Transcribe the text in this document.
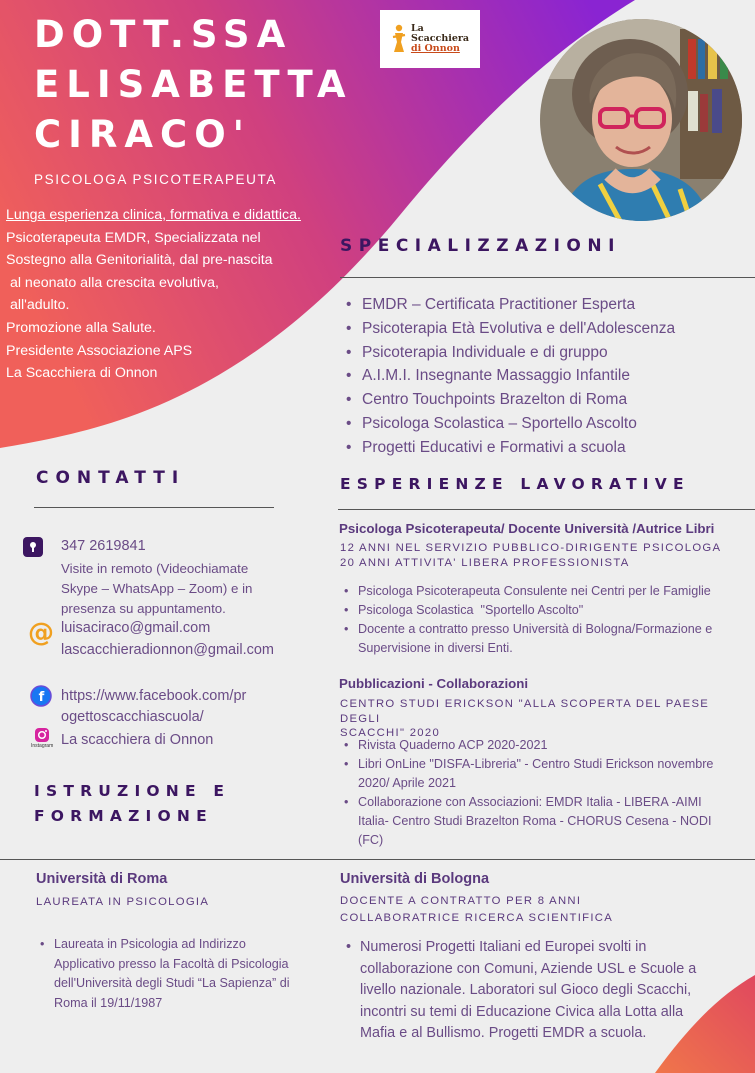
DOTT.SSA
ELISABETTA
CIRACO'
PSICOLOGA PSICOTERAPEUTA
Lunga esperienza clinica, formativa e didattica.
Psicoterapeuta EMDR, Specializzata nel
Sostegno alla Genitorialità, dal pre-nascita
al neonato alla crescita evolutiva,
all'adulto.
Promozione alla Salute.
Presidente Associazione APS
La Scacchiera di Onnon
La
Scacchiera
di Onnon
SPECIALIZZAZIONI
• EMDR – Certificata Practitioner Esperta
• Psicoterapia Età Evolutiva e dell'Adolescenza
• Psicoterapia Individuale e di gruppo
• A.I.M.I. Insegnante Massaggio Infantile
• Centro Touchpoints Brazelton di Roma
• Psicologa Scolastica – Sportello Ascolto
• Progetti Educativi e Formativi a scuola
CONTATTI
347 2619841
Visite in remoto (Videochiamate
Skype – WhatsApp – Zoom) e in
presenza su appuntamento.
@ luisaciraco@gmail.com
lascacchieradionnon@gmail.com
f https://www.facebook.com/pr
ogettoscacchiascuola/
Instagram La scacchiera di Onnon
ISTRUZIONE E
FORMAZIONE
ESPERIENZE LAVORATIVE
Psicologa Psicoterapeuta/ Docente Università /Autrice Libri
12 ANNI NEL SERVIZIO PUBBLICO-DIRIGENTE PSICOLOGA
20 ANNI ATTIVITA' LIBERA PROFESSIONISTA
• Psicologa Psicoterapeuta Consulente nei Centri per le Famiglie
• Psicologa Scolastica  "Sportello Ascolto"
• Docente a contratto presso Università di Bologna/Formazione e
Supervisione in diversi Enti.
Pubblicazioni - Collaborazioni
CENTRO STUDI ERICKSON "ALLA SCOPERTA DEL PAESE DEGLI
SCACCHI" 2020
• Rivista Quaderno ACP 2020-2021
• Libri OnLine "DISFA-Libreria" - Centro Studi Erickson novembre
2020/ Aprile 2021
• Collaborazione con Associazioni: EMDR Italia - LIBERA -AIMI
Italia- Centro Studi Brazelton Roma - CHORUS Cesena - NODI
(FC)
Università di Roma
LAUREATA IN PSICOLOGIA
• Laureata in Psicologia ad Indirizzo
Applicativo presso la Facoltà di Psicologia
dell'Università degli Studi “La Sapienza” di
Roma il 19/11/1987
Università di Bologna
DOCENTE A CONTRATTO PER 8 ANNI
COLLABORATRICE RICERCA SCIENTIFICA
• Numerosi Progetti Italiani ed Europei svolti in
collaborazione con Comuni, Aziende USL e Scuole a
livello nazionale. Laboratori sul Gioco degli Scacchi,
incontri su temi di Educazione Civica alla Lotta alla
Mafia e al Bullismo. Progetti EMDR a scuola.
